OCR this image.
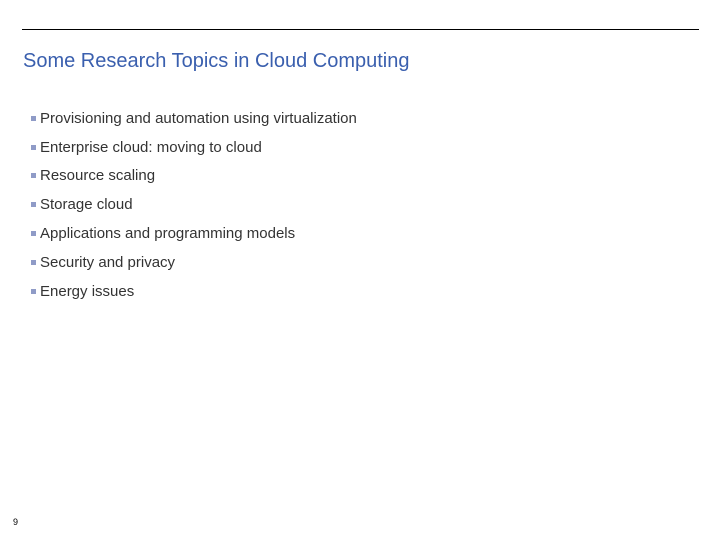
Some Research Topics in Cloud Computing
Provisioning and automation using virtualization
Enterprise cloud: moving to cloud
Resource scaling
Storage cloud
Applications and programming models
Security and privacy
Energy issues
9
